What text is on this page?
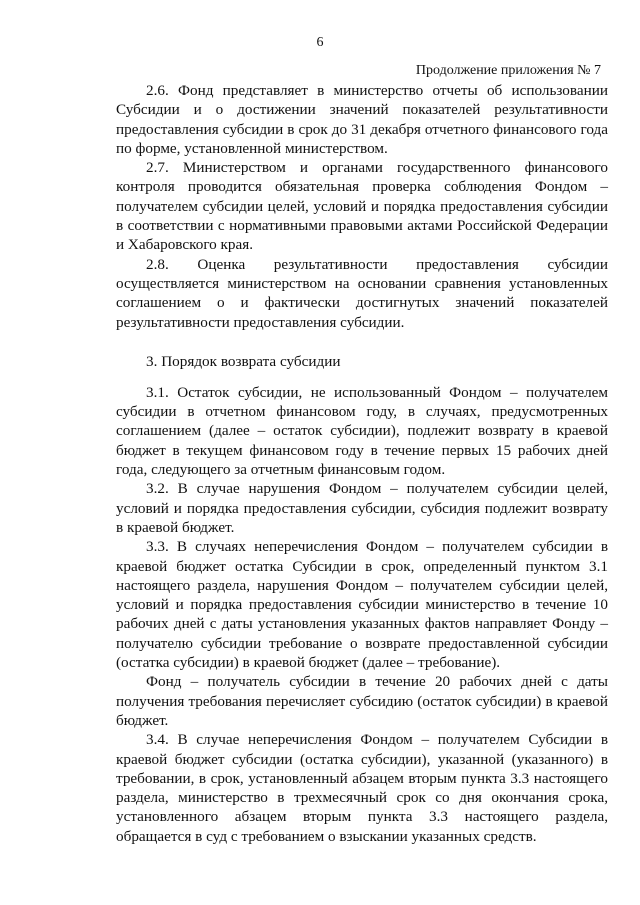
6
Продолжение приложения № 7

2.6. Фонд представляет в министерство отчеты об использовании Субсидии и о достижении значений показателей результативности предоставления субсидии в срок до 31 декабря отчетного финансового года по форме, установленной министерством.

2.7. Министерством и органами государственного финансового контроля проводится обязательная проверка соблюдения Фондом – получателем субсидии целей, условий и порядка предоставления субсидии в соответствии с нормативными правовыми актами Российской Федерации и Хабаровского края.

2.8. Оценка результативности предоставления субсидии осуществляется министерством на основании сравнения установленных соглашением о и фактически достигнутых значений показателей результативности предоставления субсидии.

3. Порядок возврата субсидии

3.1. Остаток субсидии, не использованный Фондом – получателем субсидии в отчетном финансовом году, в случаях, предусмотренных соглашением (далее – остаток субсидии), подлежит возврату в краевой бюджет в текущем финансовом году в течение первых 15 рабочих дней года, следующего за отчетным финансовым годом.

3.2. В случае нарушения Фондом – получателем субсидии целей, условий и порядка предоставления субсидии, субсидия подлежит возврату в краевой бюджет.

3.3. В случаях неперечисления Фондом – получателем субсидии в краевой бюджет остатка Субсидии в срок, определенный пунктом 3.1 настоящего раздела, нарушения Фондом – получателем субсидии целей, условий и порядка предоставления субсидии министерство в течение 10 рабочих дней с даты установления указанных фактов направляет Фонду – получателю субсидии требование о возврате предоставленной субсидии (остатка субсидии) в краевой бюджет (далее – требование).

Фонд – получатель субсидии в течение 20 рабочих дней с даты получения требования перечисляет субсидию (остаток субсидии) в краевой бюджет.

3.4. В случае неперечисления Фондом – получателем Субсидии в краевой бюджет субсидии (остатка субсидии), указанной (указанного) в требовании, в срок, установленный абзацем вторым пункта 3.3 настоящего раздела, министерство в трехмесячный срок со дня окончания срока, установленного абзацем вторым пункта 3.3 настоящего раздела, обращается в суд с требованием о взыскании указанных средств.
